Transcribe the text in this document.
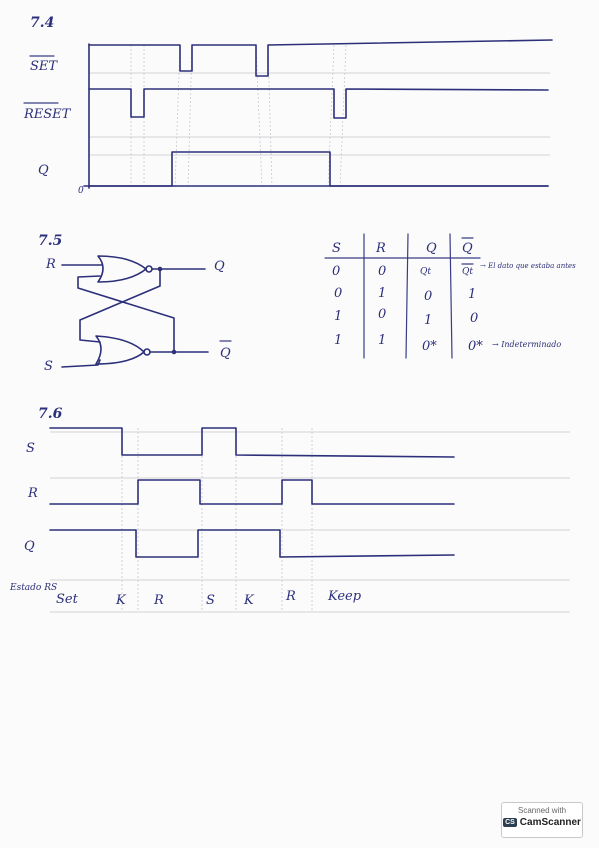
7.4
SET
RESET
Q
0
7.5
R
S
Q
Q
S	R	Q Q
0	0	Qt	Qt
→ El dato que estaba antes
0	1	0	1
1	0	1	0
1	1	0* 0* → Indeterminado
7.6
S
R
Q
Estado RS
Set	K R	S K R Keep
Scanned with
CS CamScanner
